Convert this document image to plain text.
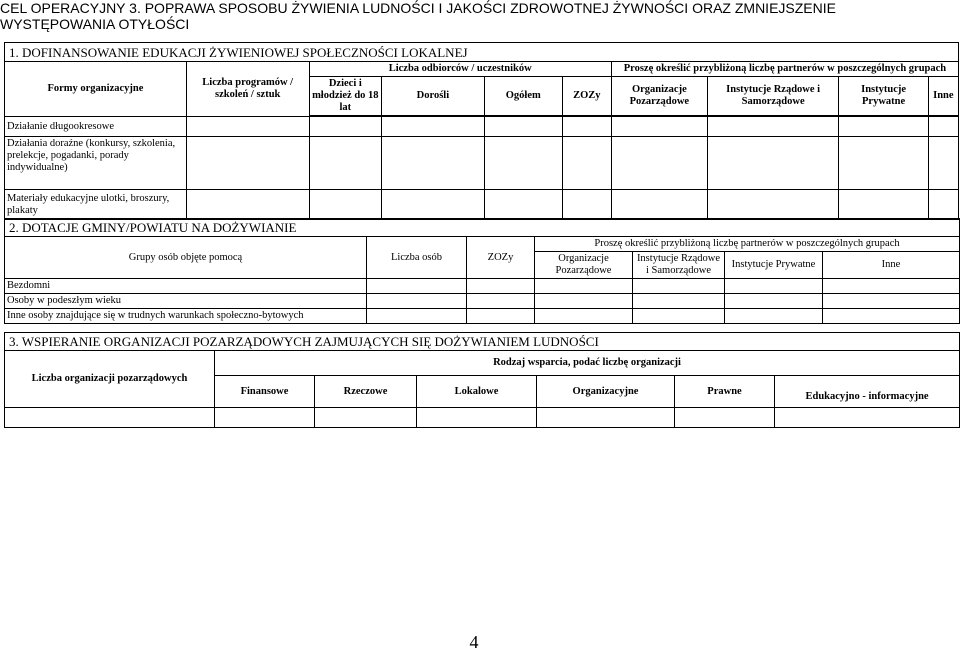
CEL OPERACYJNY 3. POPRAWA SPOSOBU ŻYWIENIA LUDNOŚCI I JAKOŚCI ZDROWOTNEJ ŻYWNOŚCI ORAZ ZMNIEJSZENIE
WYSTĘPOWANIA OTYŁOŚCI
1. DOFINANSOWANIE EDUKACJI ŻYWIENIOWEJ SPOŁECZNOŚCI LOKALNEJ									
Formy organizacyjne	Liczba programów / szkoleń / sztuk	Liczba odbiorców / uczestników				Proszę określić przybliżoną liczbę partnerów w poszczególnych grupach			
		Dzieci i młodzież do 18 lat	Dorośli	Ogółem	ZOZy	Organizacje Pozarządowe	Instytucje Rządowe i Samorządowe	Instytucje Prywatne	Inne

Działanie długookresowe									
Działania doraźne (konkursy, szkolenia, prelekcje, pogadanki, porady indywidualne)									
Materiały edukacyjne ulotki, broszury, plakaty									
2. DOTACJE GMINY/POWIATU NA DOŻYWIANIE						
Grupy osób objęte pomocą	Liczba osób	ZOZy	Proszę określić przybliżoną liczbę partnerów w poszczególnych grupach			
			Organizacje Pozarządowe	Instytucje Rządowe i Samorządowe	Instytucje Prywatne	Inne
Bezdomni						
Osoby w podeszłym wieku						
Inne osoby znajdujące się w trudnych warunkach społeczno-bytowych						
3. WSPIERANIE ORGANIZACJI POZARZĄDOWYCH ZAJMUJĄCYCH SIĘ DOŻYWIANIEM LUDNOŚCI						
Liczba organizacji pozarządowych	Rodzaj wsparcia, podać liczbę organizacji					
	Finansowe	Rzeczowe	Lokalowe	Organizacyjne	Prawne	Edukacyjno - informacyjne

4
